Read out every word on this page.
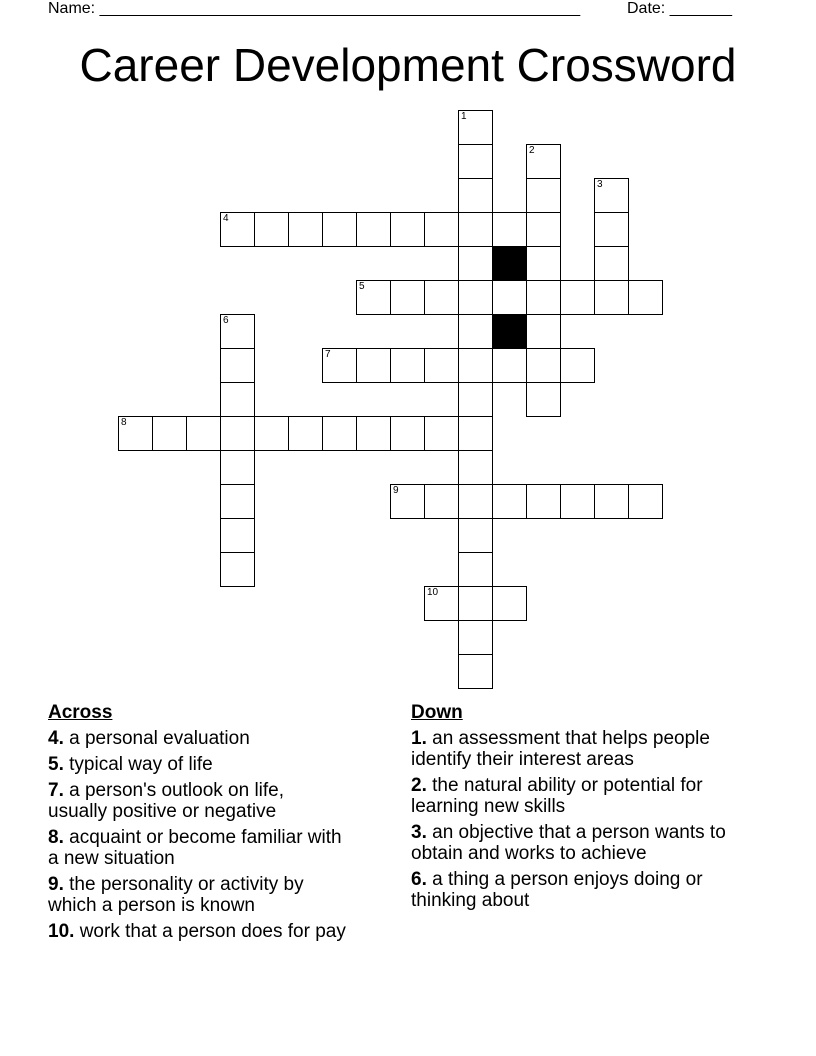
Name: ______________________________________________________	Date: _______
Career Development Crossword
1
2
3
4
5
6
7
8
9
10
Across
4. a personal evaluation
5. typical way of life
7. a person's outlook on life, usually positive or negative
8. acquaint or become familiar with a new situation
9. the personality or activity by which a person is known
10. work that a person does for pay
Down
1. an assessment that helps people identify their interest areas
2. the natural ability or potential for learning new skills
3. an objective that a person wants to obtain and works to achieve
6. a thing a person enjoys doing or thinking about
